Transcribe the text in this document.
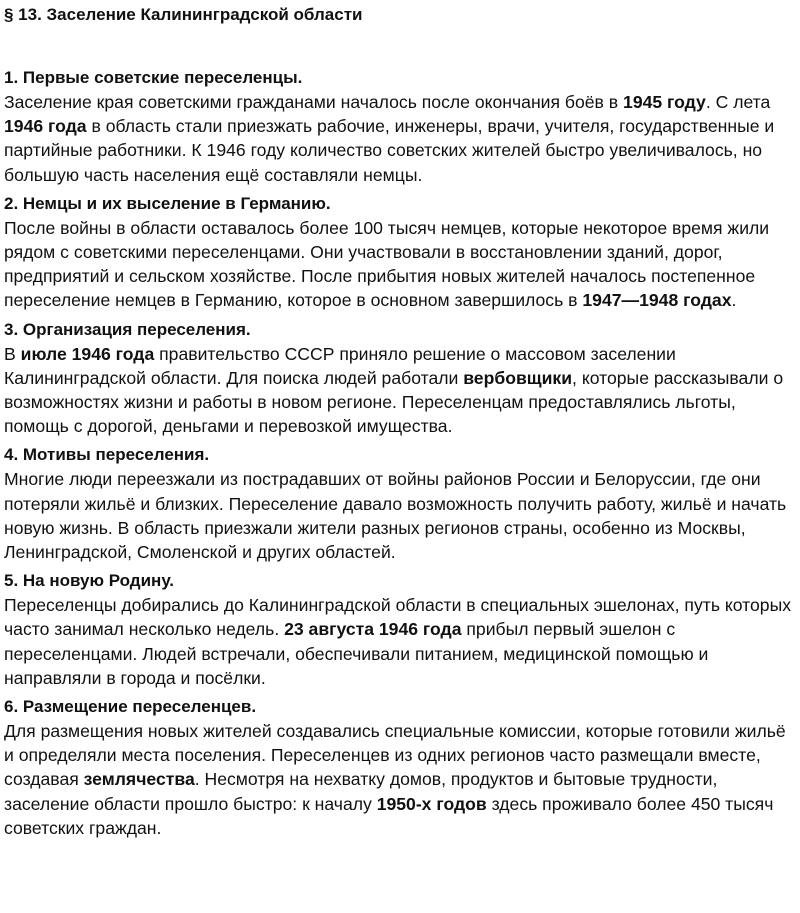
§ 13. Заселение Калининградской области
1. Первые советские переселенцы.

Заселение края советскими гражданами началось после окончания боёв в 1945 году. С лета 1946 года в область стали приезжать рабочие, инженеры, врачи, учителя, государственные и партийные работники. К 1946 году количество советских жителей быстро увеличивалось, но большую часть населения ещё составляли немцы.

2. Немцы и их выселение в Германию.

После войны в области оставалось более 100 тысяч немцев, которые некоторое время жили рядом с советскими переселенцами. Они участвовали в восстановлении зданий, дорог, предприятий и сельском хозяйстве. После прибытия новых жителей началось постепенное переселение немцев в Германию, которое в основном завершилось в 1947—1948 годах.

3. Организация переселения.

В июле 1946 года правительство СССР приняло решение о массовом заселении Калининградской области. Для поиска людей работали вербовщики, которые рассказывали о возможностях жизни и работы в новом регионе. Переселенцам предоставлялись льготы, помощь с дорогой, деньгами и перевозкой имущества.

4. Мотивы переселения.

Многие люди переезжали из пострадавших от войны районов России и Белоруссии, где они потеряли жильё и близких. Переселение давало возможность получить работу, жильё и начать новую жизнь. В область приезжали жители разных регионов страны, особенно из Москвы, Ленинградской, Смоленской и других областей.

5. На новую Родину.

Переселенцы добирались до Калининградской области в специальных эшелонах, путь которых часто занимал несколько недель. 23 августа 1946 года прибыл первый эшелон с переселенцами. Людей встречали, обеспечивали питанием, медицинской помощью и направляли в города и посёлки.

6. Размещение переселенцев.

Для размещения новых жителей создавались специальные комиссии, которые готовили жильё и определяли места поселения. Переселенцев из одних регионов часто размещали вместе, создавая землячества. Несмотря на нехватку домов, продуктов и бытовые трудности, заселение области прошло быстро: к началу 1950-х годов здесь проживало более 450 тысяч советских граждан.
